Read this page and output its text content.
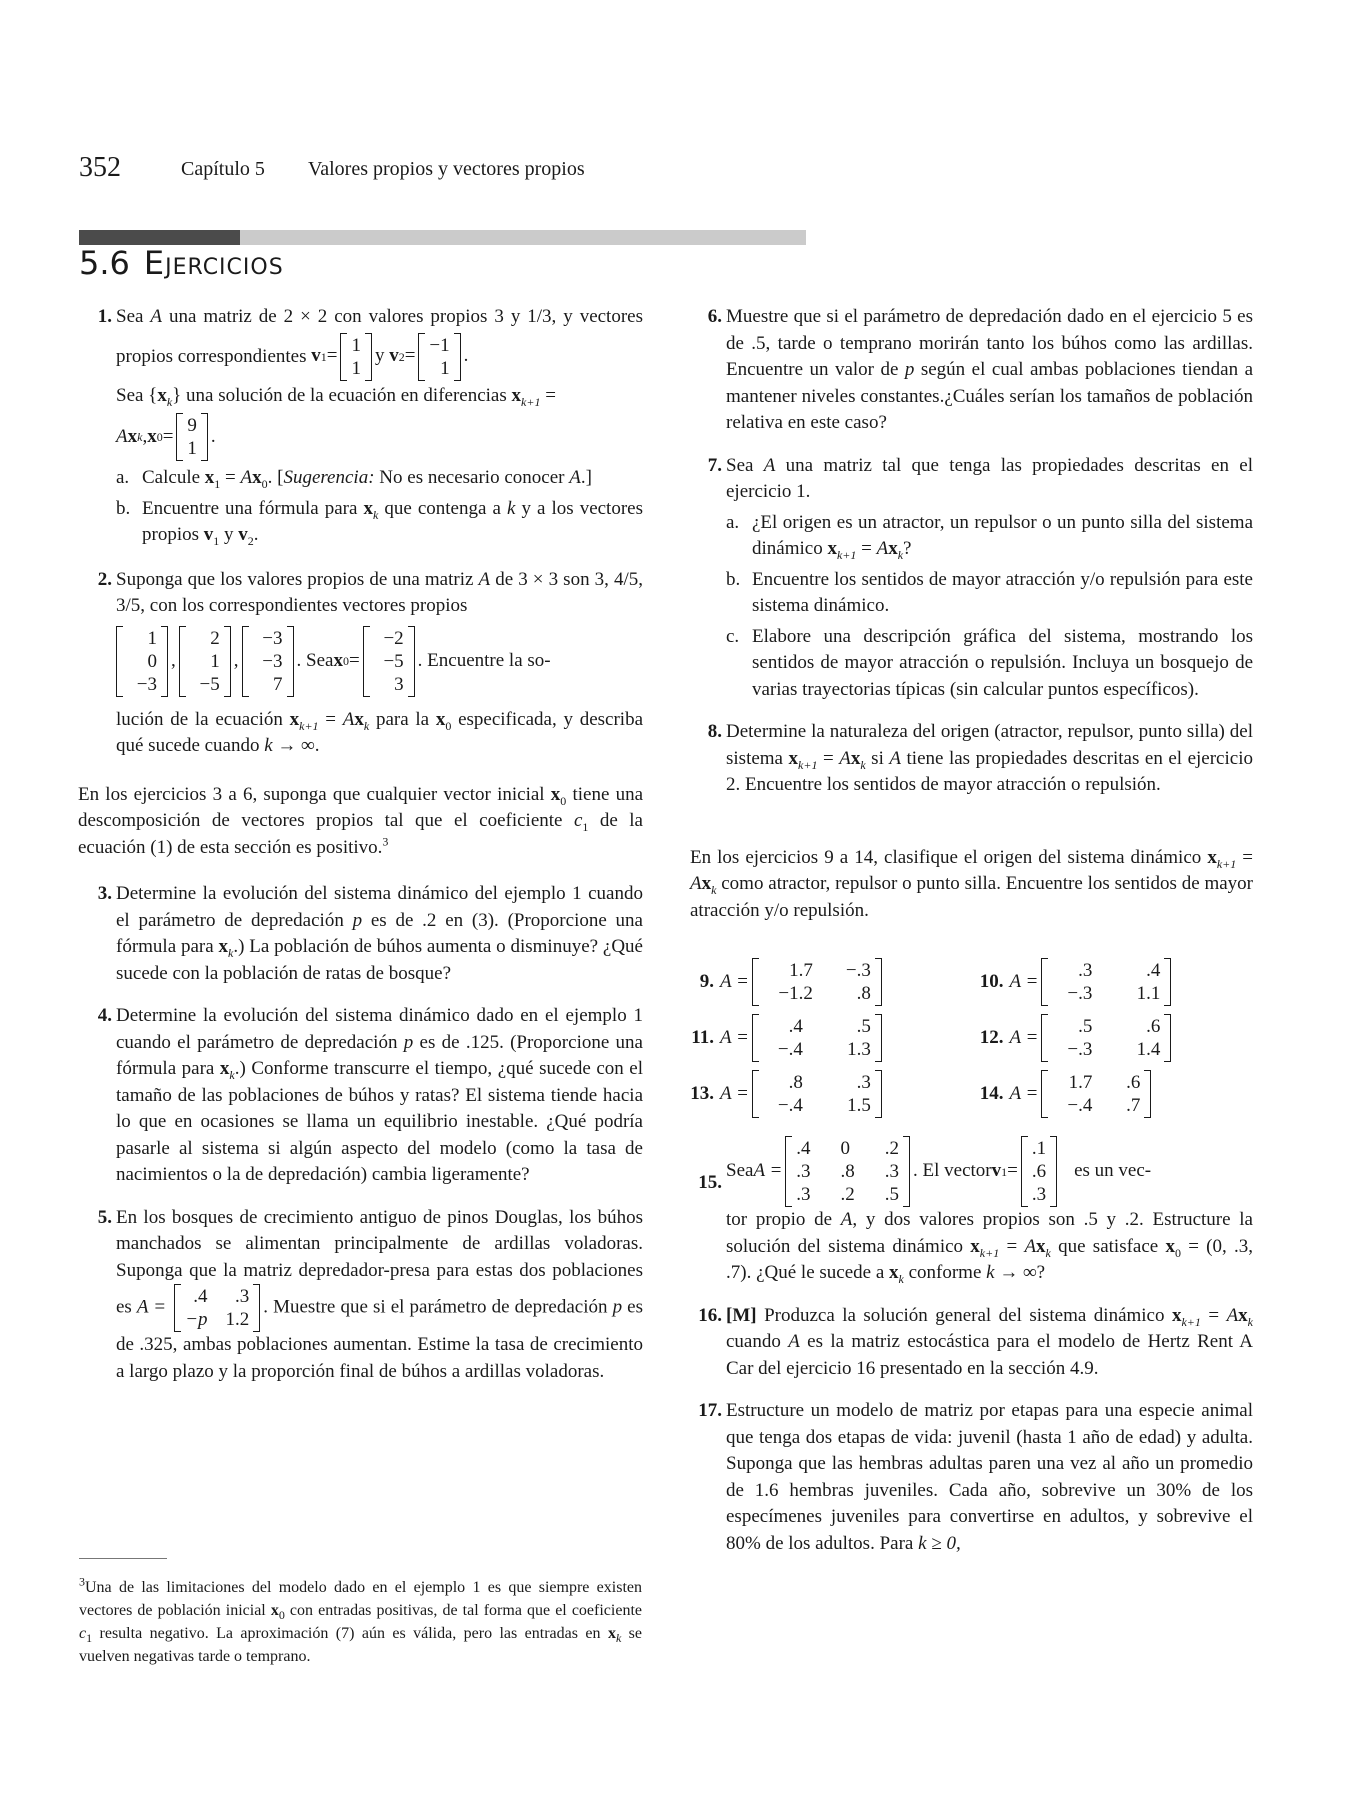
352	Capítulo 5 Valores propios y vectores propios
5.6 Ejercicios
1. Sea A una matriz de 2 × 2 con valores propios 3 y 1/3, y vectores propios correspondientes v 1 =
1
1
y
v 2 =
−1
1
.
Sea $\{x_k\}$ una solución de la ecuación en diferencias $x_{k+1}$ =
A x k , x 0 =
9
1
.
a. Calcule $x_1 = Ax_0$. [Sugerencia: No es necesario conocer A.]
b. Encuentre una fórmula para $x_k$ que contenga a k y a los vectores propios $v_1$ y $v_2$.
2. Suponga que los valores propios de una matriz A de 3 × 3 son 3, 4/5, 3/5, con los correspondientes vectores propios
1
0
−3
,
2
1
−5
,
−3
−3
7
. Sea x 0 =
−2
−5
3
. Encuentre la so-
lución de la ecuación $x_{k+1} = Ax_k$ para la $x_0$ especificada, y describa qué sucede cuando k → ∞.

En los ejercicios 3 a 6, suponga que cualquier vector inicial $x_0$ tiene una descomposición de vectores propios tal que el coeficiente $c_1$ de la ecuación (1) de esta sección es positivo.$^3$

3. Determine la evolución del sistema dinámico del ejemplo 1 cuando el parámetro de depredación p es de .2 en (3). (Proporcione una fórmula para $x_k$.) La población de búhos aumenta o disminuye? ¿Qué sucede con la población de ratas de bosque?
4. Determine la evolución del sistema dinámico dado en el ejemplo 1 cuando el parámetro de depredación p es de .125. (Proporcione una fórmula para $x_k$.) Conforme transcurre el tiempo, ¿qué sucede con el tamaño de las poblaciones de búhos y ratas? El sistema tiende hacia lo que en ocasiones se llama un equilibrio inestable. ¿Qué podría pasarle al sistema si algún aspecto del modelo (como la tasa de nacimientos o la de depredación) cambia ligeramente?
5. En los bosques de crecimiento antiguo de pinos Douglas, los búhos manchados se alimentan principalmente de ardillas voladoras. Suponga que la matriz depredador-presa para estas dos poblaciones es A =	.4	.3
−p 1.2
. Muestre que si el parámetro de depredación p es de .325, ambas poblaciones aumentan. Estime la tasa de crecimiento a largo plazo y la proporción final de búhos a ardillas voladoras.
$^3$Una de las limitaciones del modelo dado en el ejemplo 1 es que siempre existen vectores de población inicial $x_0$ con entradas positivas, de tal forma que el coeficiente $c_1$ resulta negativo. La aproximación (7) aún es válida, pero las entradas en $x_k$ se vuelven negativas tarde o temprano.
6. Muestre que si el parámetro de depredación dado en el ejercicio 5 es de .5, tarde o temprano morirán tanto los búhos como las ardillas. Encuentre un valor de p según el cual ambas poblaciones tiendan a mantener niveles constantes.¿Cuáles serían los tamaños de población relativa en este caso?
7. Sea A una matriz tal que tenga las propiedades descritas en el ejercicio 1.
a. ¿El origen es un atractor, un repulsor o un punto silla del sistema dinámico $x_{k+1} = Ax_k$?
b. Encuentre los sentidos de mayor atracción y/o repulsión para este sistema dinámico.
c. Elabore una descripción gráfica del sistema, mostrando los sentidos de mayor atracción o repulsión. Incluya un bosquejo de varias trayectorias típicas (sin calcular puntos específicos).
8. Determine la naturaleza del origen (atractor, repulsor, punto silla) del sistema $x_{k+1} = Ax_k$ si A tiene las propiedades descritas en el ejercicio 2. Encuentre los sentidos de mayor atracción o repulsión.

En los ejercicios 9 a 14, clasifique el origen del sistema dinámico $x_{k+1} = Ax_k$ como atractor, repulsor o punto silla. Encuentre los sentidos de mayor atracción y/o repulsión.

9. A =
1.7	−.3
−1.2	.8
10. A =
.3	.4
−.3	1.1
11. A =
.4	.5
−.4	1.3
12. A =
.5	.6
−.3	1.4
13. A =
.8	.3
−.4	1.5
14. A =
1.7	.6
−.4	.7
15.
Sea A =
.4 0 .2
.3 .8 .3
.3 .2 .5
. El vector v 1 =
.1
.6
.3
es un vec-
tor propio de A, y dos valores propios son .5 y .2. Estructure la solución del sistema dinámico $x_{k+1} = Ax_k$ que satisface $x_0 = (0$, .3, .7). ¿Qué le sucede a $x_k$ conforme k → ∞?
16. [M] Produzca la solución general del sistema dinámico $x_{k+1} = Ax_k$ cuando A es la matriz estocástica para el modelo de Hertz Rent A Car del ejercicio 16 presentado en la sección 4.9.
17. Estructure un modelo de matriz por etapas para una especie animal que tenga dos etapas de vida: juvenil (hasta 1 año de edad) y adulta. Suponga que las hembras adultas paren una vez al año un promedio de 1.6 hembras juveniles. Cada año, sobrevive un 30% de los especímenes juveniles para convertirse en adultos, y sobrevive el 80% de los adultos. Para k ≥ 0,
